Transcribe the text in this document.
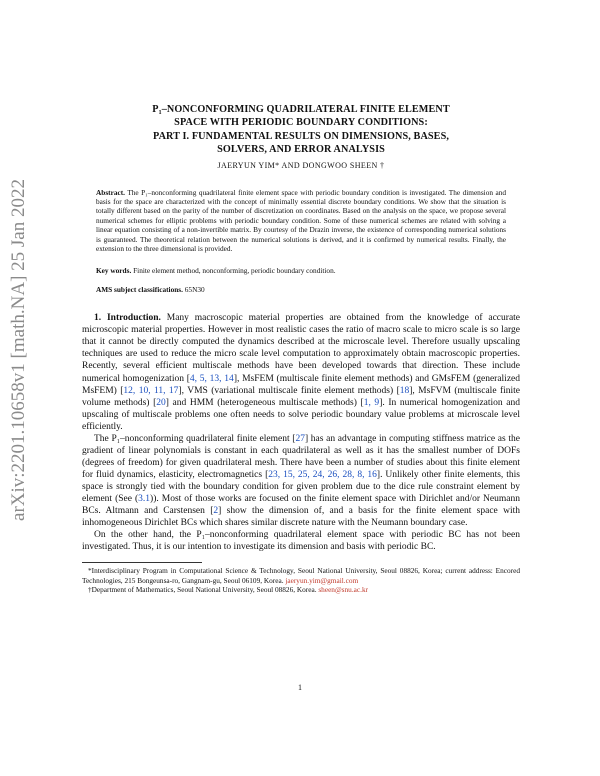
arXiv:2201.10658v1 [math.NA] 25 Jan 2022
P₁–NONCONFORMING QUADRILATERAL FINITE ELEMENT
SPACE WITH PERIODIC BOUNDARY CONDITIONS:
PART I. FUNDAMENTAL RESULTS ON DIMENSIONS, BASES,
SOLVERS, AND ERROR ANALYSIS
JAERYUN YIM* AND DONGWOO SHEEN †

Abstract. The P₁–nonconforming quadrilateral finite element space with periodic boundary condition is investigated. The dimension and basis for the space are characterized with the concept of minimally essential discrete boundary conditions. We show that the situation is totally different based on the parity of the number of discretization on coordinates. Based on the analysis on the space, we propose several numerical schemes for elliptic problems with periodic boundary condition. Some of these numerical schemes are related with solving a linear equation consisting of a non-invertible matrix. By courtesy of the Drazin inverse, the existence of corresponding numerical solutions is guaranteed. The theoretical relation between the numerical solutions is derived, and it is confirmed by numerical results. Finally, the extension to the three dimensional is provided.

Key words. Finite element method, nonconforming, periodic boundary condition.
AMS subject classifications. 65N30

1. Introduction. Many macroscopic material properties are obtained from the knowledge of accurate microscopic material properties. However in most realistic cases the ratio of macro scale to micro scale is so large that it cannot be directly computed the dynamics described at the microscale level. Therefore usually upscaling techniques are used to reduce the micro scale level computation to approximately obtain macroscopic properties. Recently, several efficient multiscale methods have been developed towards that direction. These include numerical homogenization [4, 5, 13, 14], MsFEM (multiscale finite element methods) and GMsFEM (generalized MsFEM) [12, 10, 11, 17], VMS (variational multiscale finite element methods) [18], MsFVM (multiscale finite volume methods) [20] and HMM (heterogeneous multiscale methods) [1, 9]. In numerical homogenization and upscaling of multiscale problems one often needs to solve periodic boundary value problems at microscale level efficiently.

The P₁–nonconforming quadrilateral finite element [27] has an advantage in computing stiffness matrice as the gradient of linear polynomials is constant in each quadrilateral as well as it has the smallest number of DOFs (degrees of freedom) for given quadrilateral mesh. There have been a number of studies about this finite element for fluid dynamics, elasticity, electromagnetics [23, 15, 25, 24, 26, 28, 8, 16]. Unlikely other finite elements, this space is strongly tied with the boundary condition for given problem due to the dice rule constraint element by element (See (3.1)). Most of those works are focused on the finite element space with Dirichlet and/or Neumann BCs. Altmann and Carstensen [2] show the dimension of, and a basis for the finite element space with inhomogeneous Dirichlet BCs which shares similar discrete nature with the Neumann boundary case.

On the other hand, the P₁–nonconforming quadrilateral element space with periodic BC has not been investigated. Thus, it is our intention to investigate its dimension and basis with periodic BC.

*Interdisciplinary Program in Computational Science & Technology, Seoul National University, Seoul 08826, Korea; current address: Encored Technologies, 215 Bongeunsa-ro, Gangnam-gu, Seoul 06109, Korea. jaeryun.yim@gmail.com

†Department of Mathematics, Seoul National University, Seoul 08826, Korea. sheen@snu.ac.kr

1
